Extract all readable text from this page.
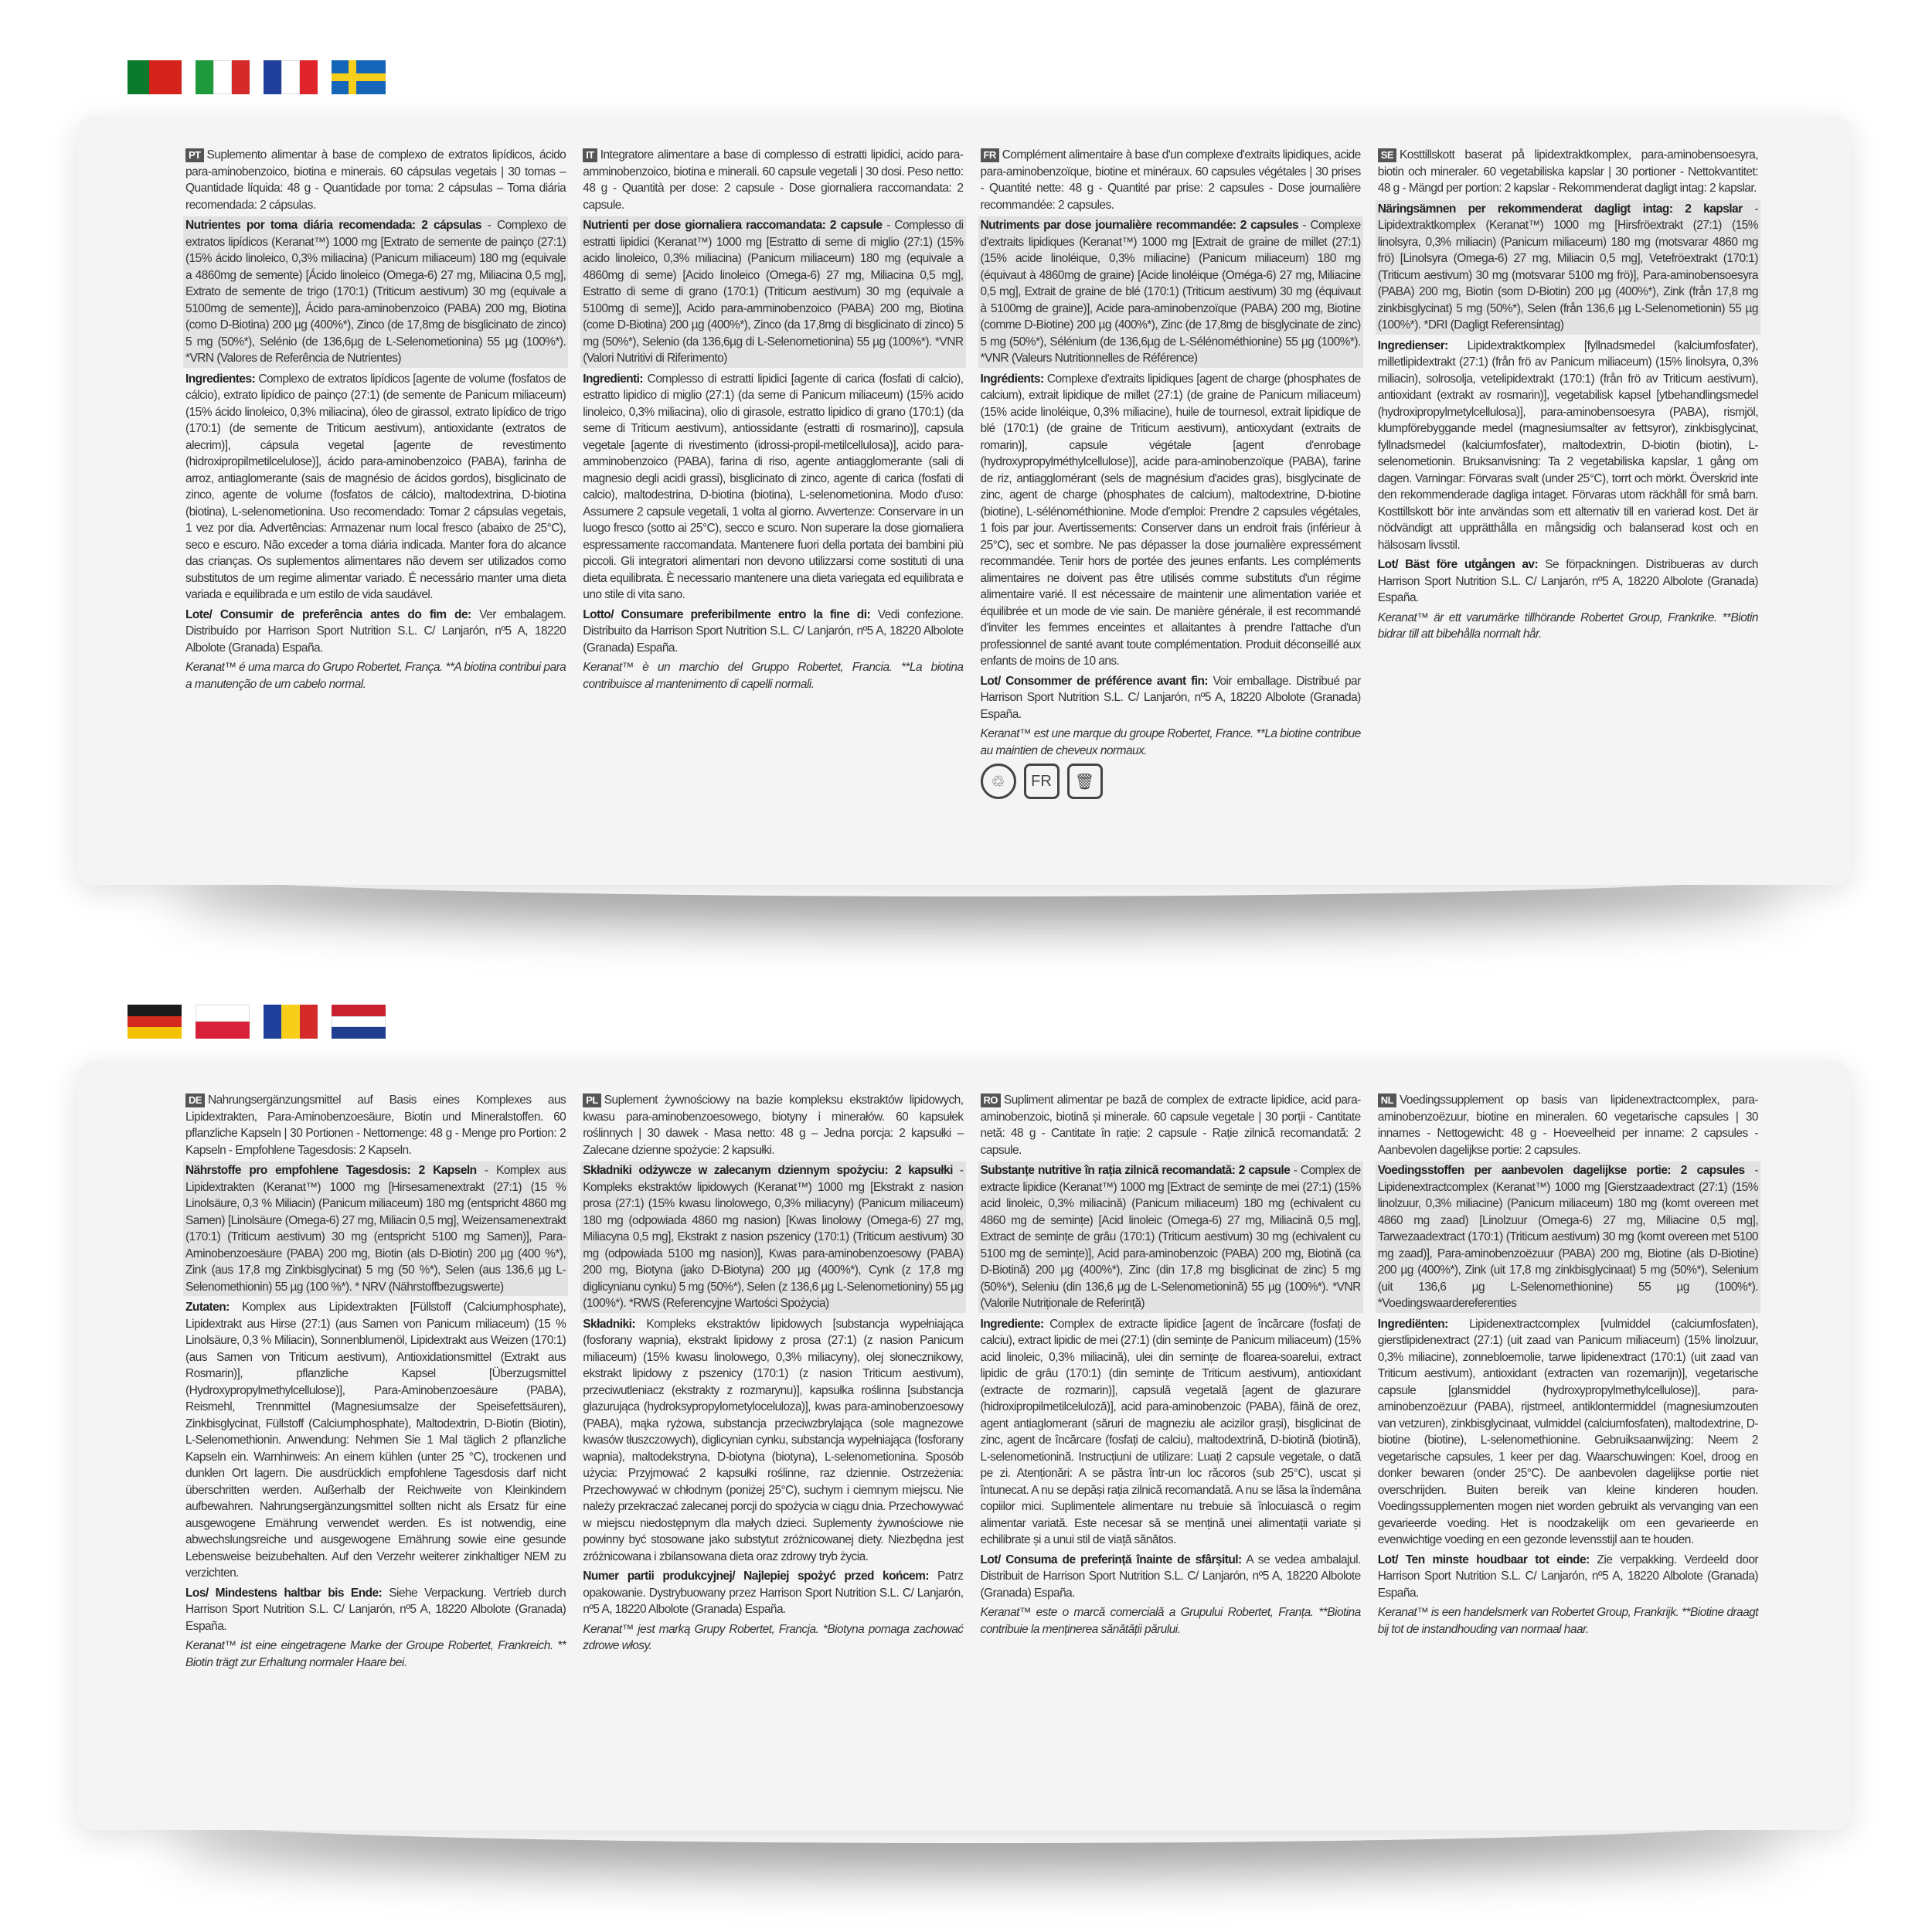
PT Suplemento alimentar à base de complexo de extratos lipídicos, ácido para-aminobenzoico, biotina e minerais. 60 cápsulas vegetais | 30 tomas – Quantidade líquida: 48 g - Quantidade por toma: 2 cápsulas – Toma diária recomendada: 2 cápsulas.

Nutrientes por toma diária recomendada: 2 cápsulas - Complexo de extratos lipídicos (Keranat™) 1000 mg [Extrato de semente de painço (27:1) (15% ácido linoleico, 0,3% miliacina) (Panicum miliaceum) 180 mg (equivale a 4860mg de semente) [Ácido linoleico (Omega-6) 27 mg, Miliacina 0,5 mg], Extrato de semente de trigo (170:1) (Triticum aestivum) 30 mg (equivale a 5100mg de semente)], Ácido para-aminobenzoico (PABA) 200 mg, Biotina (como D-Biotina) 200 µg (400%*), Zinco (de 17,8mg de bisglicinato de zinco) 5 mg (50%*), Selénio (de 136,6µg de L-Selenometionina) 55 µg (100%*). *VRN (Valores de Referência de Nutrientes)

Ingredientes: Complexo de extratos lipídicos [agente de volume (fosfatos de cálcio), extrato lipídico de painço (27:1) (de semente de Panicum miliaceum) (15% ácido linoleico, 0,3% miliacina), óleo de girassol, extrato lipídico de trigo (170:1) (de semente de Triticum aestivum), antioxidante (extratos de alecrim)], cápsula vegetal [agente de revestimento (hidroxipropilmetilcelulose)], ácido para-aminobenzoico (PABA), farinha de arroz, antiaglomerante (sais de magnésio de ácidos gordos), bisglicinato de zinco, agente de volume (fosfatos de cálcio), maltodextrina, D-biotina (biotina), L-selenometionina. Uso recomendado: Tomar 2 cápsulas vegetais, 1 vez por dia. Advertências: Armazenar num local fresco (abaixo de 25°C), seco e escuro. Não exceder a toma diária indicada. Manter fora do alcance das crianças. Os suplementos alimentares não devem ser utilizados como substitutos de um regime alimentar variado. É necessário manter uma dieta variada e equilibrada e um estilo de vida saudável.

Lote/ Consumir de preferência antes do fim de: Ver embalagem. Distribuído por Harrison Sport Nutrition S.L. C/ Lanjarón, nº5 A, 18220 Albolote (Granada) España.

Keranat™ é uma marca do Grupo Robertet, França. **A biotina contribui para a manutenção de um cabelo normal.

IT Integratore alimentare a base di complesso di estratti lipidici, acido para-amminobenzoico, biotina e minerali. 60 capsule vegetali | 30 dosi. Peso netto: 48 g - Quantità per dose: 2 capsule - Dose giornaliera raccomandata: 2 capsule.

Nutrienti per dose giornaliera raccomandata: 2 capsule - Complesso di estratti lipidici (Keranat™) 1000 mg [Estratto di seme di miglio (27:1) (15% acido linoleico, 0,3% miliacina) (Panicum miliaceum) 180 mg (equivale a 4860mg di seme) [Acido linoleico (Omega-6) 27 mg, Miliacina 0,5 mg], Estratto di seme di grano (170:1) (Triticum aestivum) 30 mg (equivale a 5100mg di seme)], Acido para-amminobenzoico (PABA) 200 mg, Biotina (come D-Biotina) 200 µg (400%*), Zinco (da 17,8mg di bisglicinato di zinco) 5 mg (50%*), Selenio (da 136,6µg di L-Selenometionina) 55 µg (100%*). *VNR (Valori Nutritivi di Riferimento)

Ingredienti: Complesso di estratti lipidici [agente di carica (fosfati di calcio), estratto lipidico di miglio (27:1) (da seme di Panicum miliaceum) (15% acido linoleico, 0,3% miliacina), olio di girasole, estratto lipidico di grano (170:1) (da seme di Triticum aestivum), antiossidante (estratti di rosmarino)], capsula vegetale [agente di rivestimento (idrossi-propil-metilcellulosa)], acido para-amminobenzoico (PABA), farina di riso, agente antiagglomerante (sali di magnesio degli acidi grassi), bisglicinato di zinco, agente di carica (fosfati di calcio), maltodestrina, D-biotina (biotina), L-selenometionina. Modo d'uso: Assumere 2 capsule vegetali, 1 volta al giorno. Avvertenze: Conservare in un luogo fresco (sotto ai 25°C), secco e scuro. Non superare la dose giornaliera espressamente raccomandata. Mantenere fuori della portata dei bambini più piccoli. Gli integratori alimentari non devono utilizzarsi come sostituti di una dieta equilibrata. È necessario mantenere una dieta variegata ed equilibrata e uno stile di vita sano.

Lotto/ Consumare preferibilmente entro la fine di: Vedi confezione. Distribuito da Harrison Sport Nutrition S.L. C/ Lanjarón, nº5 A, 18220 Albolote (Granada) España.

Keranat™ è un marchio del Gruppo Robertet, Francia. **La biotina contribuisce al mantenimento di capelli normali.

FR Complément alimentaire à base d'un complexe d'extraits lipidiques, acide para-aminobenzoïque, biotine et minéraux. 60 capsules végétales | 30 prises - Quantité nette: 48 g - Quantité par prise: 2 capsules - Dose journalière recommandée: 2 capsules.

Nutriments par dose journalière recommandée: 2 capsules - Complexe d'extraits lipidiques (Keranat™) 1000 mg [Extrait de graine de millet (27:1) (15% acide linoléique, 0,3% miliacine) (Panicum miliaceum) 180 mg (équivaut à 4860mg de graine) [Acide linoléique (Oméga-6) 27 mg, Miliacine 0,5 mg], Extrait de graine de blé (170:1) (Triticum aestivum) 30 mg (équivaut à 5100mg de graine)], Acide para-aminobenzoïque (PABA) 200 mg, Biotine (comme D-Biotine) 200 µg (400%*), Zinc (de 17,8mg de bisglycinate de zinc) 5 mg (50%*), Sélénium (de 136,6µg de L-Sélénométhionine) 55 µg (100%*). *VNR (Valeurs Nutritionnelles de Référence)

Ingrédients: Complexe d'extraits lipidiques [agent de charge (phosphates de calcium), extrait lipidique de millet (27:1) (de graine de Panicum miliaceum) (15% acide linoléique, 0,3% miliacine), huile de tournesol, extrait lipidique de blé (170:1) (de graine de Triticum aestivum), antioxydant (extraits de romarin)], capsule végétale [agent d'enrobage (hydroxypropylméthylcellulose)], acide para-aminobenzoïque (PABA), farine de riz, antiagglomérant (sels de magnésium d'acides gras), bisglycinate de zinc, agent de charge (phosphates de calcium), maltodextrine, D-biotine (biotine), L-sélénométhionine. Mode d'emploi: Prendre 2 capsules végétales, 1 fois par jour. Avertissements: Conserver dans un endroit frais (inférieur à 25°C), sec et sombre. Ne pas dépasser la dose journalière expressément recommandée. Tenir hors de portée des jeunes enfants. Les compléments alimentaires ne doivent pas être utilisés comme substituts d'un régime alimentaire varié. Il est nécessaire de maintenir une alimentation variée et équilibrée et un mode de vie sain. De manière générale, il est recommandé d'inviter les femmes enceintes et allaitantes à prendre l'attache d'un professionnel de santé avant toute complémentation. Produit déconseillé aux enfants de moins de 10 ans.

Lot/ Consommer de préférence avant fin: Voir emballage. Distribué par Harrison Sport Nutrition S.L. C/ Lanjarón, nº5 A, 18220 Albolote (Granada) España.

Keranat™ est une marque du groupe Robertet, France. **La biotine contribue au maintien de cheveux normaux.

♲	FR	🗑

SE Kosttillskott baserat på lipidextraktkomplex, para-aminobensoesyra, biotin och mineraler. 60 vegetabiliska kapslar | 30 portioner - Nettokvantitet: 48 g - Mängd per portion: 2 kapslar - Rekommenderat dagligt intag: 2 kapslar.

Näringsämnen per rekommenderat dagligt intag: 2 kapslar - Lipidextraktkomplex (Keranat™) 1000 mg [Hirsfröextrakt (27:1) (15% linolsyra, 0,3% miliacin) (Panicum miliaceum) 180 mg (motsvarar 4860 mg frö) [Linolsyra (Omega-6) 27 mg, Miliacin 0,5 mg], Vetefröextrakt (170:1) (Triticum aestivum) 30 mg (motsvarar 5100 mg frö)], Para-aminobensoesyra (PABA) 200 mg, Biotin (som D-Biotin) 200 µg (400%*), Zink (från 17,8 mg zinkbisglycinat) 5 mg (50%*), Selen (från 136,6 µg L-Selenometionin) 55 µg (100%*). *DRI (Dagligt Referensintag)

Ingredienser: Lipidextraktkomplex [fyllnadsmedel (kalciumfosfater), milletlipidextrakt (27:1) (från frö av Panicum miliaceum) (15% linolsyra, 0,3% miliacin), solrosolja, vetelipidextrakt (170:1) (från frö av Triticum aestivum), antioxidant (extrakt av rosmarin)], vegetabilisk kapsel [ytbehandlingsmedel (hydroxipropylmetylcellulosa)], para-aminobensoesyra (PABA), rismjöl, klumpförebyggande medel (magnesiumsalter av fettsyror), zinkbisglycinat, fyllnadsmedel (kalciumfosfater), maltodextrin, D-biotin (biotin), L-selenometionin. Bruksanvisning: Ta 2 vegetabiliska kapslar, 1 gång om dagen. Varningar: Förvaras svalt (under 25°C), torrt och mörkt. Överskrid inte den rekommenderade dagliga intaget. Förvaras utom räckhåll för små barn. Kosttillskott bör inte användas som ett alternativ till en varierad kost. Det är nödvändigt att upprätthålla en mångsidig och balanserad kost och en hälsosam livsstil.

Lot/ Bäst före utgången av: Se förpackningen. Distribueras av durch Harrison Sport Nutrition S.L. C/ Lanjarón, nº5 A, 18220 Albolote (Granada) España.

Keranat™ är ett varumärke tillhörande Robertet Group, Frankrike. **Biotin bidrar till att bibehålla normalt hår.

DE Nahrungsergänzungsmittel auf Basis eines Komplexes aus Lipidextrakten, Para-Aminobenzoesäure, Biotin und Mineralstoffen. 60 pflanzliche Kapseln | 30 Portionen - Nettomenge: 48 g - Menge pro Portion: 2 Kapseln - Empfohlene Tagesdosis: 2 Kapseln.

Nährstoffe pro empfohlene Tagesdosis: 2 Kapseln - Komplex aus Lipidextrakten (Keranat™) 1000 mg [Hirsesamenextrakt (27:1) (15 % Linolsäure, 0,3 % Miliacin) (Panicum miliaceum) 180 mg (entspricht 4860 mg Samen) [Linolsäure (Omega-6) 27 mg, Miliacin 0,5 mg], Weizensamenextrakt (170:1) (Triticum aestivum) 30 mg (entspricht 5100 mg Samen)], Para-Aminobenzoesäure (PABA) 200 mg, Biotin (als D-Biotin) 200 µg (400 %*), Zink (aus 17,8 mg Zinkbisglycinat) 5 mg (50 %*), Selen (aus 136,6 µg L-Selenomethionin) 55 µg (100 %*). * NRV (Nährstoffbezugswerte)

Zutaten: Komplex aus Lipidextrakten [Füllstoff (Calciumphosphate), Lipidextrakt aus Hirse (27:1) (aus Samen von Panicum miliaceum) (15 % Linolsäure, 0,3 % Miliacin), Sonnenblumenöl, Lipidextrakt aus Weizen (170:1) (aus Samen von Triticum aestivum), Antioxidationsmittel (Extrakt aus Rosmarin)], pflanzliche Kapsel [Überzugsmittel (Hydroxypropylmethylcellulose)], Para-Aminobenzoesäure (PABA), Reismehl, Trennmittel (Magnesiumsalze der Speisefettsäuren), Zinkbisglycinat, Füllstoff (Calciumphosphate), Maltodextrin, D-Biotin (Biotin), L-Selenomethionin. Anwendung: Nehmen Sie 1 Mal täglich 2 pflanzliche Kapseln ein. Warnhinweis: An einem kühlen (unter 25 °C), trockenen und dunklen Ort lagern. Die ausdrücklich empfohlene Tagesdosis darf nicht überschritten werden. Außerhalb der Reichweite von Kleinkindern aufbewahren. Nahrungsergänzungsmittel sollten nicht als Ersatz für eine ausgewogene Ernährung verwendet werden. Es ist notwendig, eine abwechslungsreiche und ausgewogene Ernährung sowie eine gesunde Lebensweise beizubehalten. Auf den Verzehr weiterer zinkhaltiger NEM zu verzichten.

Los/ Mindestens haltbar bis Ende: Siehe Verpackung. Vertrieb durch Harrison Sport Nutrition S.L. C/ Lanjarón, nº5 A, 18220 Albolote (Granada) España.

Keranat™ ist eine eingetragene Marke der Groupe Robertet, Frankreich. ** Biotin trägt zur Erhaltung normaler Haare bei.

PL Suplement żywnościowy na bazie kompleksu ekstraktów lipidowych, kwasu para-aminobenzoesowego, biotyny i minerałów. 60 kapsułek roślinnych | 30 dawek - Masa netto: 48 g – Jedna porcja: 2 kapsułki – Zalecane dzienne spożycie: 2 kapsułki.

Składniki odżywcze w zalecanym dziennym spożyciu: 2 kapsułki - Kompleks ekstraktów lipidowych (Keranat™) 1000 mg [Ekstrakt z nasion prosa (27:1) (15% kwasu linolowego, 0,3% miliacyny) (Panicum miliaceum) 180 mg (odpowiada 4860 mg nasion) [Kwas linolowy (Omega-6) 27 mg, Miliacyna 0,5 mg], Ekstrakt z nasion pszenicy (170:1) (Triticum aestivum) 30 mg (odpowiada 5100 mg nasion)], Kwas para-aminobenzoesowy (PABA) 200 mg, Biotyna (jako D-Biotyna) 200 µg (400%*), Cynk (z 17,8 mg diglicynianu cynku) 5 mg (50%*), Selen (z 136,6 µg L-Selenometioniny) 55 µg (100%*). *RWS (Referencyjne Wartości Spożycia)

Składniki: Kompleks ekstraktów lipidowych [substancja wypełniająca (fosforany wapnia), ekstrakt lipidowy z prosa (27:1) (z nasion Panicum miliaceum) (15% kwasu linolowego, 0,3% miliacyny), olej słonecznikowy, ekstrakt lipidowy z pszenicy (170:1) (z nasion Triticum aestivum), przeciwutleniacz (ekstrakty z rozmarynu)], kapsułka roślinna [substancja glazurująca (hydroksypropylometyloceluloza)], kwas para-aminobenzoesowy (PABA), mąka ryżowa, substancja przeciwzbrylająca (sole magnezowe kwasów tłuszczowych), diglicynian cynku, substancja wypełniająca (fosforany wapnia), maltodekstryna, D-biotyna (biotyna), L-selenometionina. Sposób użycia: Przyjmować 2 kapsułki roślinne, raz dziennie. Ostrzeżenia: Przechowywać w chłodnym (poniżej 25°C), suchym i ciemnym miejscu. Nie należy przekraczać zalecanej porcji do spożycia w ciągu dnia. Przechowywać w miejscu niedostępnym dla małych dzieci. Suplementy żywnościowe nie powinny być stosowane jako substytut zróżnicowanej diety. Niezbędna jest zróżnicowana i zbilansowana dieta oraz zdrowy tryb życia.

Numer partii produkcyjnej/ Najlepiej spożyć przed końcem: Patrz opakowanie. Dystrybuowany przez Harrison Sport Nutrition S.L. C/ Lanjarón, nº5 A, 18220 Albolote (Granada) España.

Keranat™ jest marką Grupy Robertet, Francja. *Biotyna pomaga zachować zdrowe włosy.

RO Supliment alimentar pe bază de complex de extracte lipidice, acid para-aminobenzoic, biotină și minerale. 60 capsule vegetale | 30 porții - Cantitate netă: 48 g - Cantitate în rație: 2 capsule - Rație zilnică recomandată: 2 capsule.

Substanțe nutritive în rația zilnică recomandată: 2 capsule - Complex de extracte lipidice (Keranat™) 1000 mg [Extract de semințe de mei (27:1) (15% acid linoleic, 0,3% miliacină) (Panicum miliaceum) 180 mg (echivalent cu 4860 mg de semințe) [Acid linoleic (Omega-6) 27 mg, Miliacină 0,5 mg], Extract de semințe de grâu (170:1) (Triticum aestivum) 30 mg (echivalent cu 5100 mg de semințe)], Acid para-aminobenzoic (PABA) 200 mg, Biotină (ca D-Biotină) 200 µg (400%*), Zinc (din 17,8 mg bisglicinat de zinc) 5 mg (50%*), Seleniu (din 136,6 µg de L-Selenometionină) 55 µg (100%*). *VNR (Valorile Nutriționale de Referință)

Ingrediente: Complex de extracte lipidice [agent de încărcare (fosfați de calciu), extract lipidic de mei (27:1) (din semințe de Panicum miliaceum) (15% acid linoleic, 0,3% miliacină), ulei din semințe de floarea-soarelui, extract lipidic de grâu (170:1) (din semințe de Triticum aestivum), antioxidant (extracte de rozmarin)], capsulă vegetală [agent de glazurare (hidroxipropilmetilceluloză)], acid para-aminobenzoic (PABA), făină de orez, agent antiaglomerant (săruri de magneziu ale acizilor grași), bisglicinat de zinc, agent de încărcare (fosfați de calciu), maltodextrină, D-biotină (biotină), L-selenometionină. Instrucțiuni de utilizare: Luați 2 capsule vegetale, o dată pe zi. Atenționări: A se păstra într-un loc răcoros (sub 25°C), uscat și întunecat. A nu se depăși rația zilnică recomandată. A nu se lăsa la îndemâna copiilor mici. Suplimentele alimentare nu trebuie să înlocuiască o regim alimentar variată. Este necesar să se mențină unei alimentații variate și echilibrate și a unui stil de viață sănătos.

Lot/ Consuma de preferință înainte de sfârșitul: A se vedea ambalajul. Distribuit de Harrison Sport Nutrition S.L. C/ Lanjarón, nº5 A, 18220 Albolote (Granada) España.

Keranat™ este o marcă comercială a Grupului Robertet, Franța. **Biotina contribuie la menținerea sănătății părului.

NL Voedingssupplement op basis van lipidenextractcomplex, para-aminobenzoëzuur, biotine en mineralen. 60 vegetarische capsules | 30 innames - Nettogewicht: 48 g - Hoeveelheid per inname: 2 capsules - Aanbevolen dagelijkse portie: 2 capsules.

Voedingsstoffen per aanbevolen dagelijkse portie: 2 capsules - Lipidenextractcomplex (Keranat™) 1000 mg [Gierstzaadextract (27:1) (15% linolzuur, 0,3% miliacine) (Panicum miliaceum) 180 mg (komt overeen met 4860 mg zaad) [Linolzuur (Omega-6) 27 mg, Miliacine 0,5 mg], Tarwezaadextract (170:1) (Triticum aestivum) 30 mg (komt overeen met 5100 mg zaad)], Para-aminobenzoëzuur (PABA) 200 mg, Biotine (als D-Biotine) 200 µg (400%*), Zink (uit 17,8 mg zinkbisglycinaat) 5 mg (50%*), Selenium (uit 136,6 µg L-Selenomethionine) 55 µg (100%*). *Voedingswaardereferenties

Ingrediënten: Lipidenextractcomplex [vulmiddel (calciumfosfaten), gierstlipidenextract (27:1) (uit zaad van Panicum miliaceum) (15% linolzuur, 0,3% miliacine), zonnebloemolie, tarwe lipidenextract (170:1) (uit zaad van Triticum aestivum), antioxidant (extracten van rozemarijn)], vegetarische capsule [glansmiddel (hydroxypropylmethylcellulose)], para-aminobenzoëzuur (PABA), rijstmeel, antiklontermiddel (magnesiumzouten van vetzuren), zinkbisglycinaat, vulmiddel (calciumfosfaten), maltodextrine, D-biotine (biotine), L-selenomethionine. Gebruiksaanwijzing: Neem 2 vegetarische capsules, 1 keer per dag. Waarschuwingen: Koel, droog en donker bewaren (onder 25°C). De aanbevolen dagelijkse portie niet overschrijden. Buiten bereik van kleine kinderen houden. Voedingssupplementen mogen niet worden gebruikt als vervanging van een gevarieerde voeding. Het is noodzakelijk om een gevarieerde en evenwichtige voeding en een gezonde levensstijl aan te houden.

Lot/ Ten minste houdbaar tot einde: Zie verpakking. Verdeeld door Harrison Sport Nutrition S.L. C/ Lanjarón, nº5 A, 18220 Albolote (Granada) España.

Keranat™ is een handelsmerk van Robertet Group, Frankrijk. **Biotine draagt bij tot de instandhouding van normaal haar.
